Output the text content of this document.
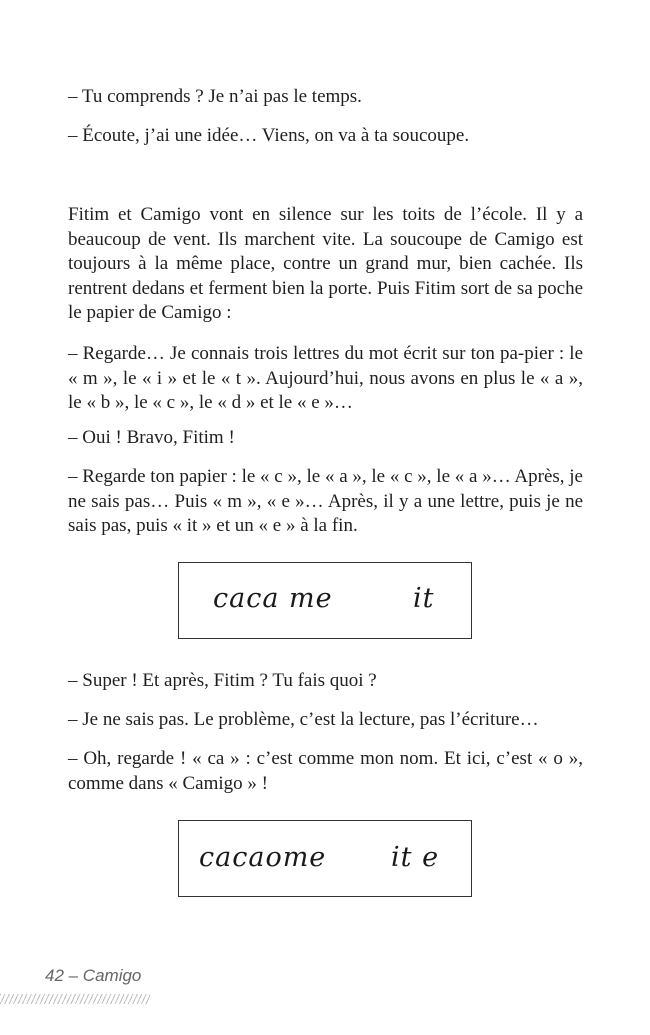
– Tu comprends ? Je n’ai pas le temps.

– Écoute, j’ai une idée… Viens, on va à ta soucoupe.

Fitim et Camigo vont en silence sur les toits de l’école. Il y a beaucoup de vent. Ils marchent vite. La soucoupe de Camigo est toujours à la même place, contre un grand mur, bien cachée. Ils rentrent dedans et ferment bien la porte. Puis Fitim sort de sa poche le papier de Camigo :

– Regarde… Je connais trois lettres du mot écrit sur ton pa-pier : le « m », le « i » et le « t ». Aujourd’hui, nous avons en plus le « a », le « b », le « c », le « d » et le « e »…

– Oui ! Bravo, Fitim !

– Regarde ton papier : le « c », le « a », le « c », le « a »… Après, je ne sais pas… Puis « m », « e »… Après, il y a une lettre, puis je ne sais pas, puis « it » et un « e » à la fin.

caca me	it

– Super ! Et après, Fitim ? Tu fais quoi ?

– Je ne sais pas. Le problème, c’est la lecture, pas l’écriture…

– Oh, regarde ! « ca » : c’est comme mon nom. Et ici, c’est « o », comme dans « Camigo » !

cacaome it e
42 – Camigo
